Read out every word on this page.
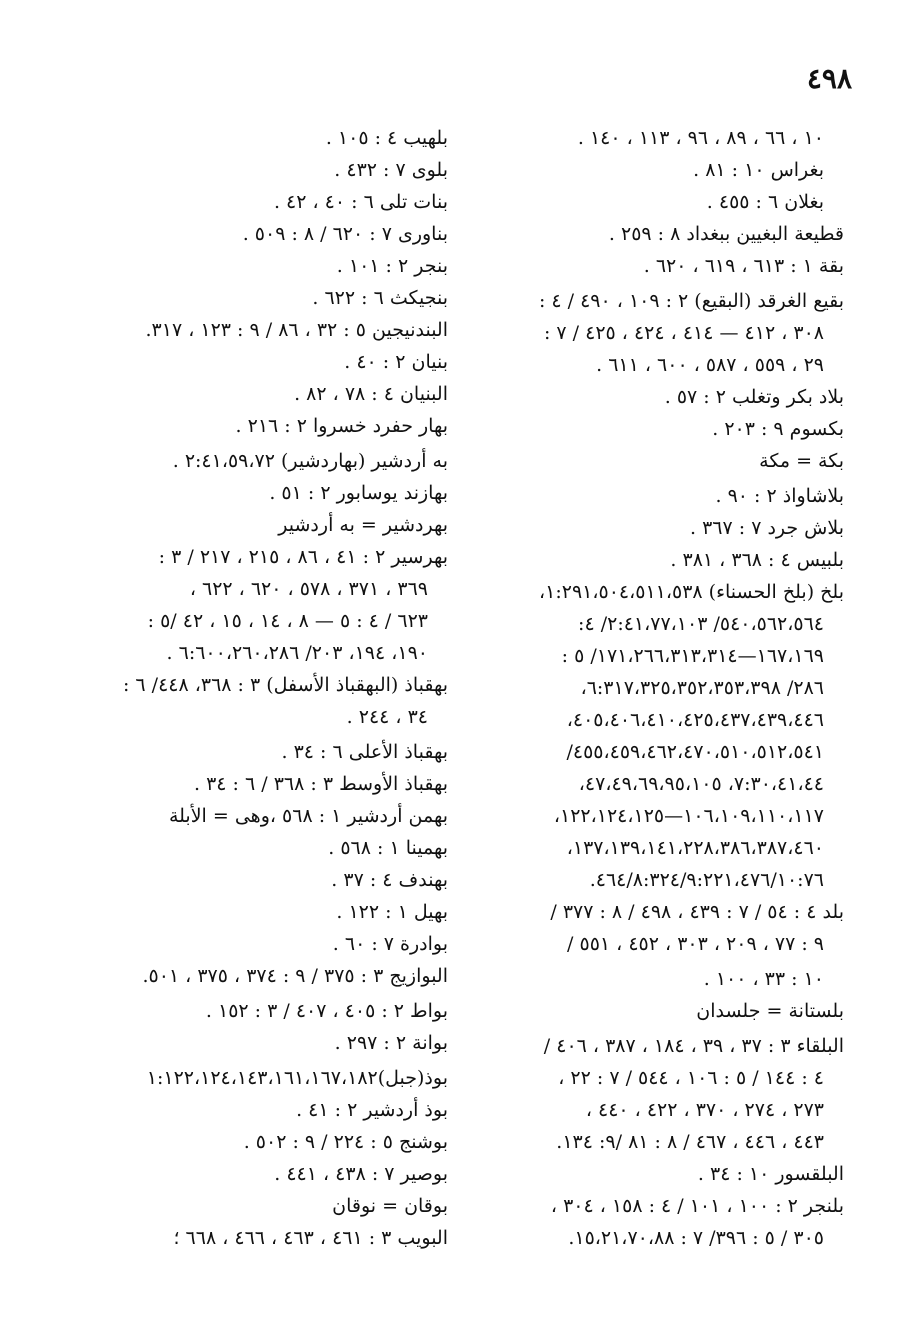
٤٩٨
١٠ ، ٦٦ ، ٨٩ ، ٩٦ ، ١١٣ ، ١٤٠ .
بغراس ١٠ : ٨١ .
بغلان ٦ : ٤٥٥ .
قطيعة البغيين ببغداد ٨ : ٢٥٩ .
بقة ١ : ٦١٣ ، ٦١٩ ، ٦٢٠ .
بقيع الغرقد (البقيع) ٢ : ١٠٩ ، ٤٩٠ / ٤ :
٣٠٨ ، ٤١٢ — ٤١٤ ، ٤٢٤ ، ٤٢٥ / ٧ :
٢٩ ، ٥٥٩ ، ٥٨٧ ، ٦٠٠ ، ٦١١ .
بلاد بكر وتغلب ٢ : ٥٧ .
بكسوم ٩ : ٢٠٣ .
بكة = مكة
بلاشاواذ ٢ : ٩٠ .
بلاش جرد ٧ : ٣٦٧ .
بلبيس ٤ : ٣٦٨ ، ٣٨١ .
بلخ (بلخ الحسناء) ١:٢٩١،٥٠٤،٥١١،٥٣٨،
٥٤٠،٥٦٢،٥٦٤/ ٢:٤١،٧٧،١٠٣/ ٤:
١٦٧،١٦٩—١٧١،٢٦٦،٣١٣،٣١٤/ ٥ :
٢٨٦/ ٦:٣١٧،٣٢٥،٣٥٢،٣٥٣،٣٩٨،
٤٠٥،٤٠٦،٤١٠،٤٢٥،٤٣٧،٤٣٩،٤٤٦،
٤٥٥،٤٥٩،٤٦٢،٤٧٠،٥١٠،٥١٢،٥٤١/
٧:٣٠،٤١،٤٤، ٤٧،٤٩،٦٩،٩٥،١٠٥،
١٠٦،١٠٩،١١٠،١١٧—١٢٢،١٢٤،١٢٥،
١٣٧،١٣٩،١٤١،٢٢٨،٣٨٦،٣٨٧،٤٦٠،
٤٦٤/٨:٣٢٤/٩:٢٢١،٤٧٦/١٠:٧٦.
بلد ٤ : ٥٤ / ٧ : ٤٣٩ ، ٤٩٨ / ٨ : ٣٧٧ /
٩ : ٧٧ ، ٢٠٩ ، ٣٠٣ ، ٤٥٢ ، ٥٥١ /
١٠ : ٣٣ ، ١٠٠ .
بلستانة = جلسدان
البلقاء ٣ : ٣٧ ، ٣٩ ، ١٨٤ ، ٣٨٧ ، ٤٠٦ /
٤ : ١٤٤ / ٥ : ١٠٦ ، ٥٤٤ / ٧ : ٢٢ ،
٢٧٣ ، ٢٧٤ ، ٣٧٠ ، ٤٢٢ ، ٤٤٠ ،
٤٤٣ ، ٤٤٦ ، ٤٦٧ / ٨ : ٨١ /٩: ١٣٤.
البلقسور ١٠ : ٣٤ .
بلنجر ٢ : ١٠٠ ، ١٠١ / ٤ : ١٥٨ ، ٣٠٤ ،
٣٠٥ / ٥ : ٣٩٦/ ٧ : ١٥،٢١،٧٠،٨٨.
بلهيب ٤ : ١٠٥ .
بلوى ٧ : ٤٣٢ .
بنات تلى ٦ : ٤٠ ، ٤٢ .
بناورى ٧ : ٦٢٠ / ٨ : ٥٠٩ .
بنجر ٢ : ١٠١ .
بنجيكث ٦ : ٦٢٢ .
البندنيجين ٥ : ٣٢ ، ٨٦ / ٩ : ١٢٣ ، ٣١٧.
بنيان ٢ : ٤٠ .
البنيان ٤ : ٧٨ ، ٨٢ .
بهار حفرد خسروا ٢ : ٢١٦ .
به أردشير (بهاردشير) ٢:٤١،٥٩،٧٢ .
بهازند يوسابور ٢ : ٥١ .
بهردشير = به أردشير
بهرسير ٢ : ٤١ ، ٨٦ ، ٢١٥ ، ٢١٧ / ٣ :
٣٦٩ ، ٣٧١ ، ٥٧٨ ، ٦٢٠ ، ٦٢٢ ،
٦٢٣ / ٤ : ٥ — ٨ ، ١٤ ، ١٥ ، ٤٢ /٥ :
١٩٠، ١٩٤، ٢٠٣/ ٦:٦٠٠،٢٦٠،٢٨٦ .
بهقباذ (البهقباذ الأسفل) ٣ : ٣٦٨، ٤٤٨/ ٦ :
٣٤ ، ٢٤٤ .
بهقباذ الأعلى ٦ : ٣٤ .
بهقباذ الأوسط ٣ : ٣٦٨ / ٦ : ٣٤ .
بهمن أردشير ١ : ٥٦٨ ،وهى = الأبلة
بهمينا ١ : ٥٦٨ .
بهندف ٤ : ٣٧ .
بهيل ١ : ١٢٢ .
بوادرة ٧ : ٦٠ .
البوازيج ٣ : ٣٧٥ / ٩ : ٣٧٤ ، ٣٧٥ ، ٥٠١.
بواط ٢ : ٤٠٥ ، ٤٠٧ / ٣ : ١٥٢ .
بوانة ٢ : ٢٩٧ .
بوذ(جبل)١:١٢٢،١٢٤،١٤٣،١٦١،١٦٧،١٨٢
بوذ أردشير ٢ : ٤١ .
بوشنج ٥ : ٢٢٤ / ٩ : ٥٠٢ .
بوصير ٧ : ٤٣٨ ، ٤٤١ .
بوقان = نوقان
البويب ٣ : ٤٦١ ، ٤٦٣ ، ٤٦٦ ، ٦٦٨ ؛
